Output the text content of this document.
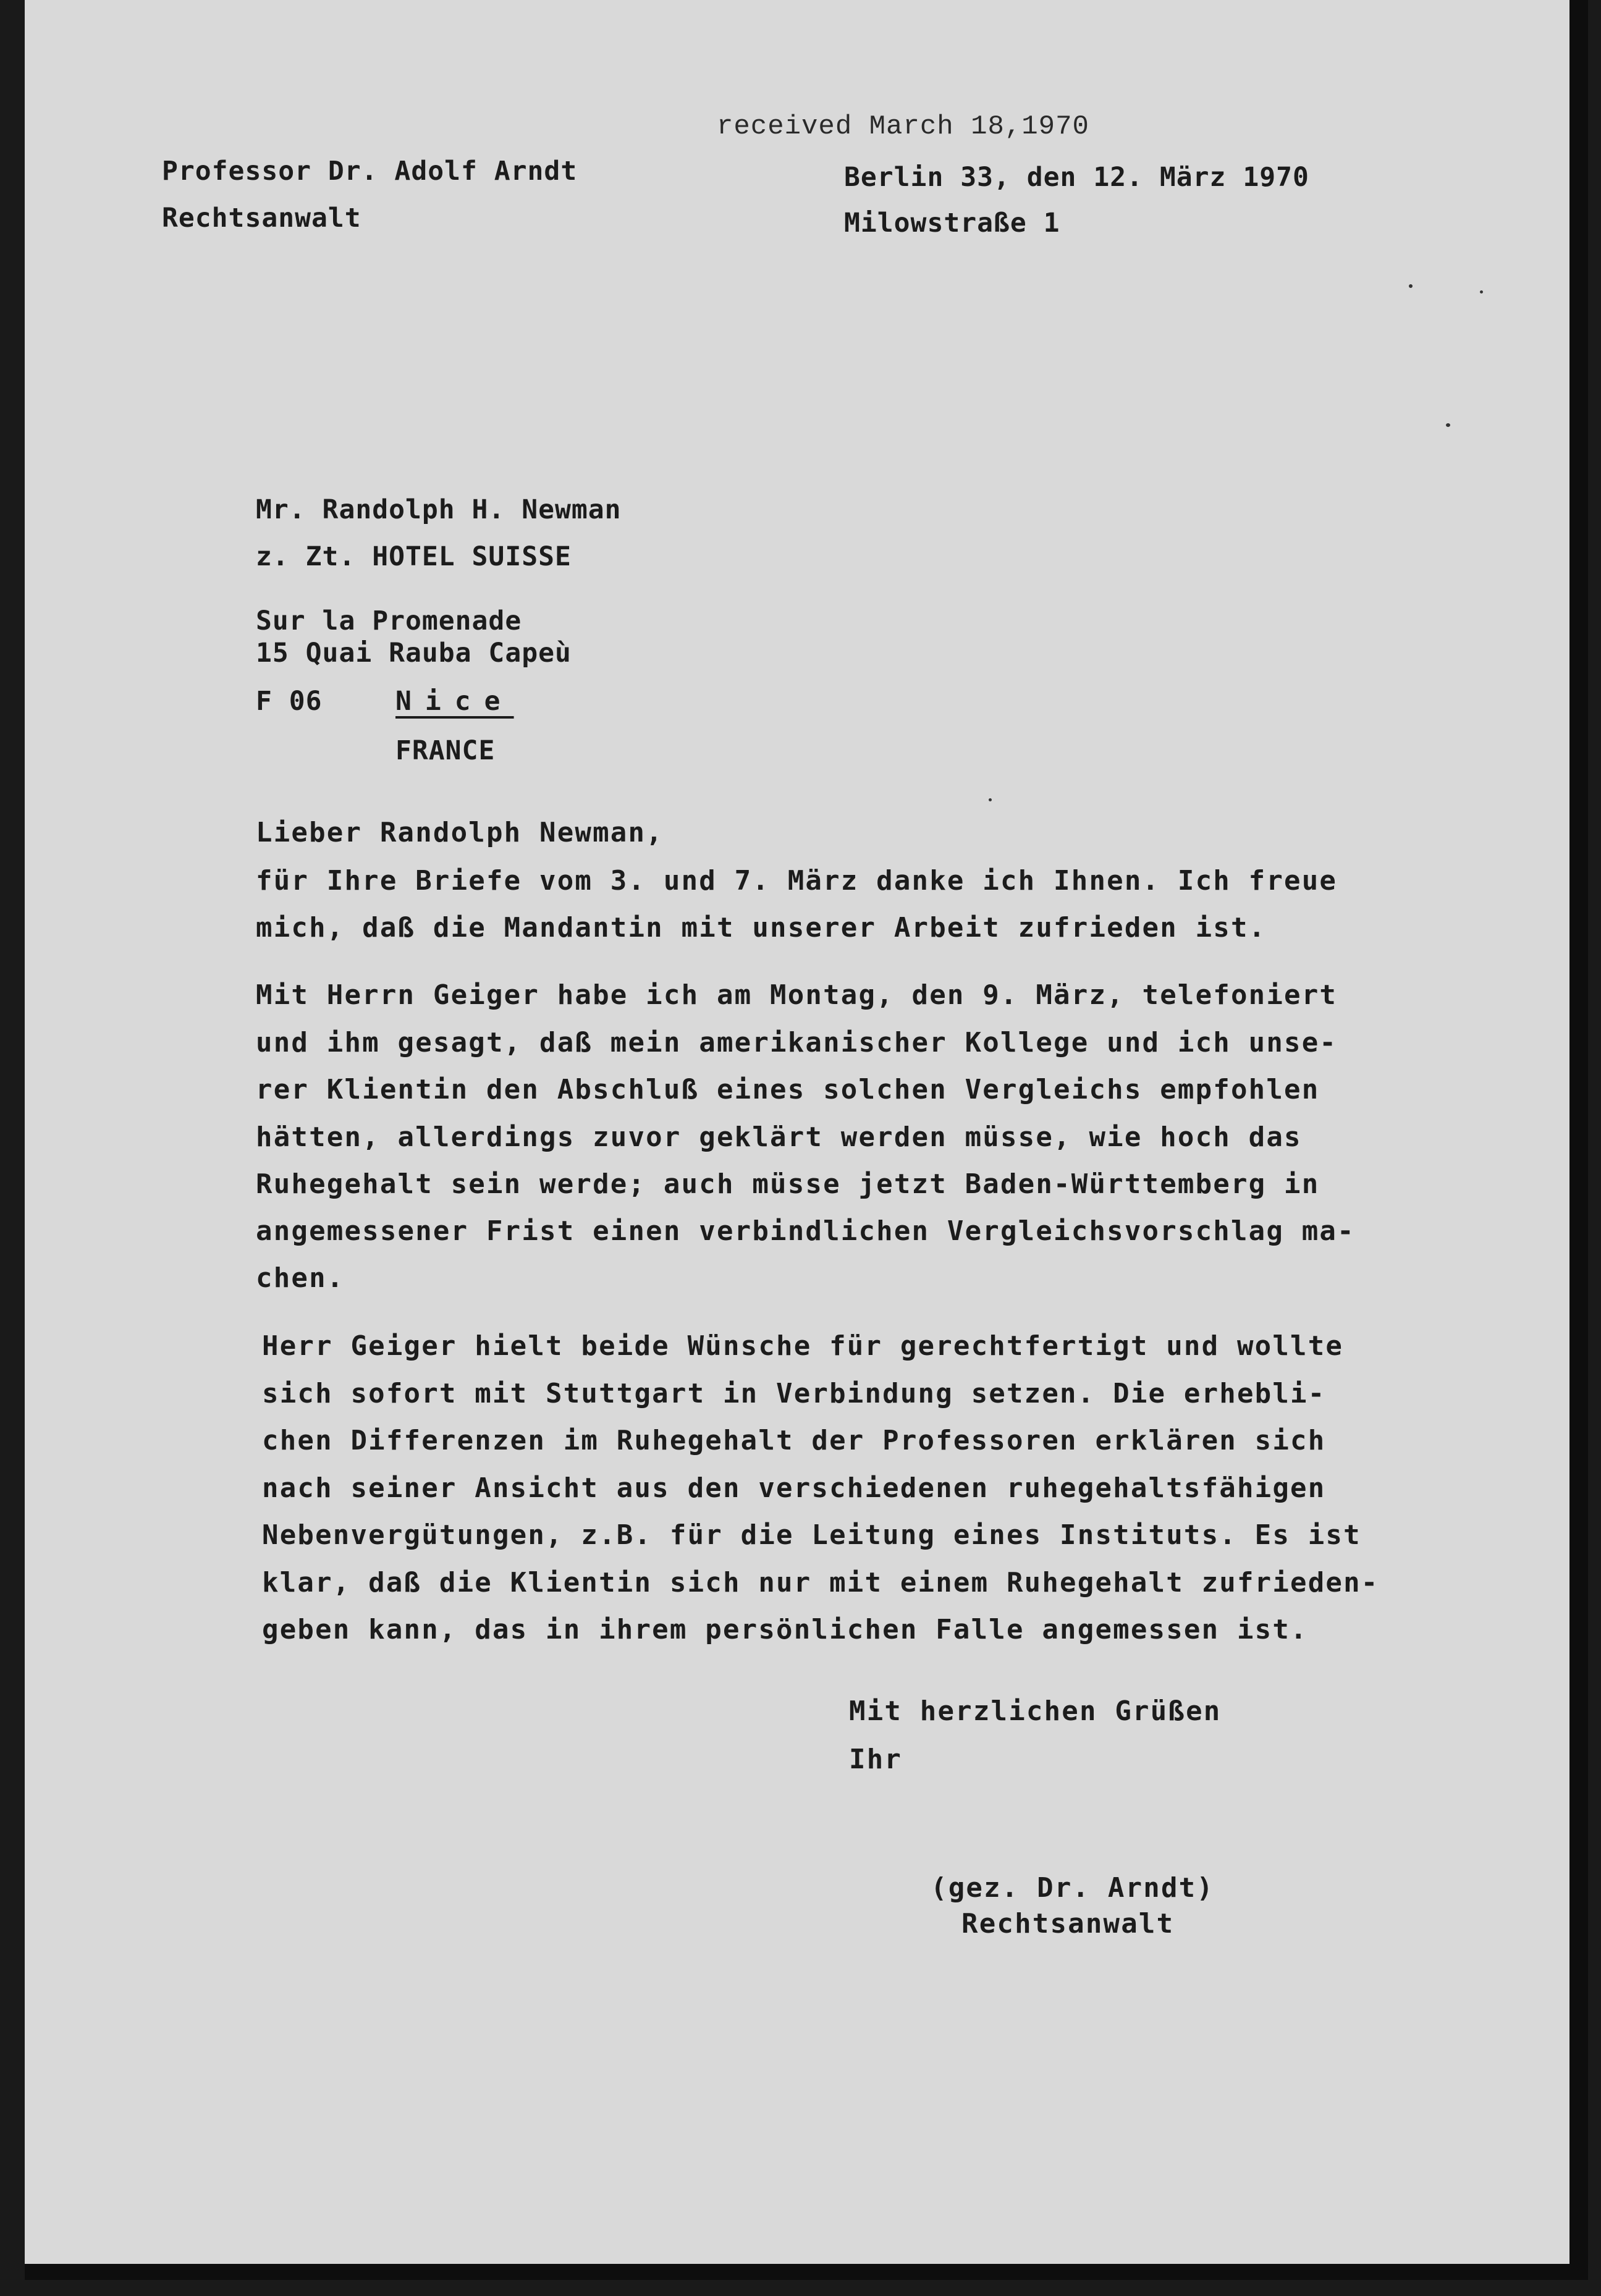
received March 18,1970
Professor Dr. Adolf Arndt
Rechtsanwalt
Berlin 33, den 12. März 1970
Milowstraße 1
Mr. Randolph H. Newman
z. Zt. HOTEL SUISSE
Sur la Promenade
15 Quai Rauba Capeù
F 06	Nice
FRANCE
Lieber Randolph Newman,
für Ihre Briefe vom 3. und 7. März danke ich Ihnen. Ich freue
mich, daß die Mandantin mit unserer Arbeit zufrieden ist.
Mit Herrn Geiger habe ich am Montag, den 9. März, telefoniert
und ihm gesagt, daß mein amerikanischer Kollege und ich unse-
rer Klientin den Abschluß eines solchen Vergleichs empfohlen
hätten, allerdings zuvor geklärt werden müsse, wie hoch das
Ruhegehalt sein werde; auch müsse jetzt Baden-Württemberg in
angemessener Frist einen verbindlichen Vergleichsvorschlag ma-
chen.
Herr Geiger hielt beide Wünsche für gerechtfertigt und wollte
sich sofort mit Stuttgart in Verbindung setzen. Die erhebli-
chen Differenzen im Ruhegehalt der Professoren erklären sich
nach seiner Ansicht aus den verschiedenen ruhegehaltsfähigen
Nebenvergütungen, z.B. für die Leitung eines Instituts. Es ist
klar, daß die Klientin sich nur mit einem Ruhegehalt zufrieden-
geben kann, das in ihrem persönlichen Falle angemessen ist.
Mit herzlichen Grüßen
Ihr
(gez. Dr. Arndt)
Rechtsanwalt
